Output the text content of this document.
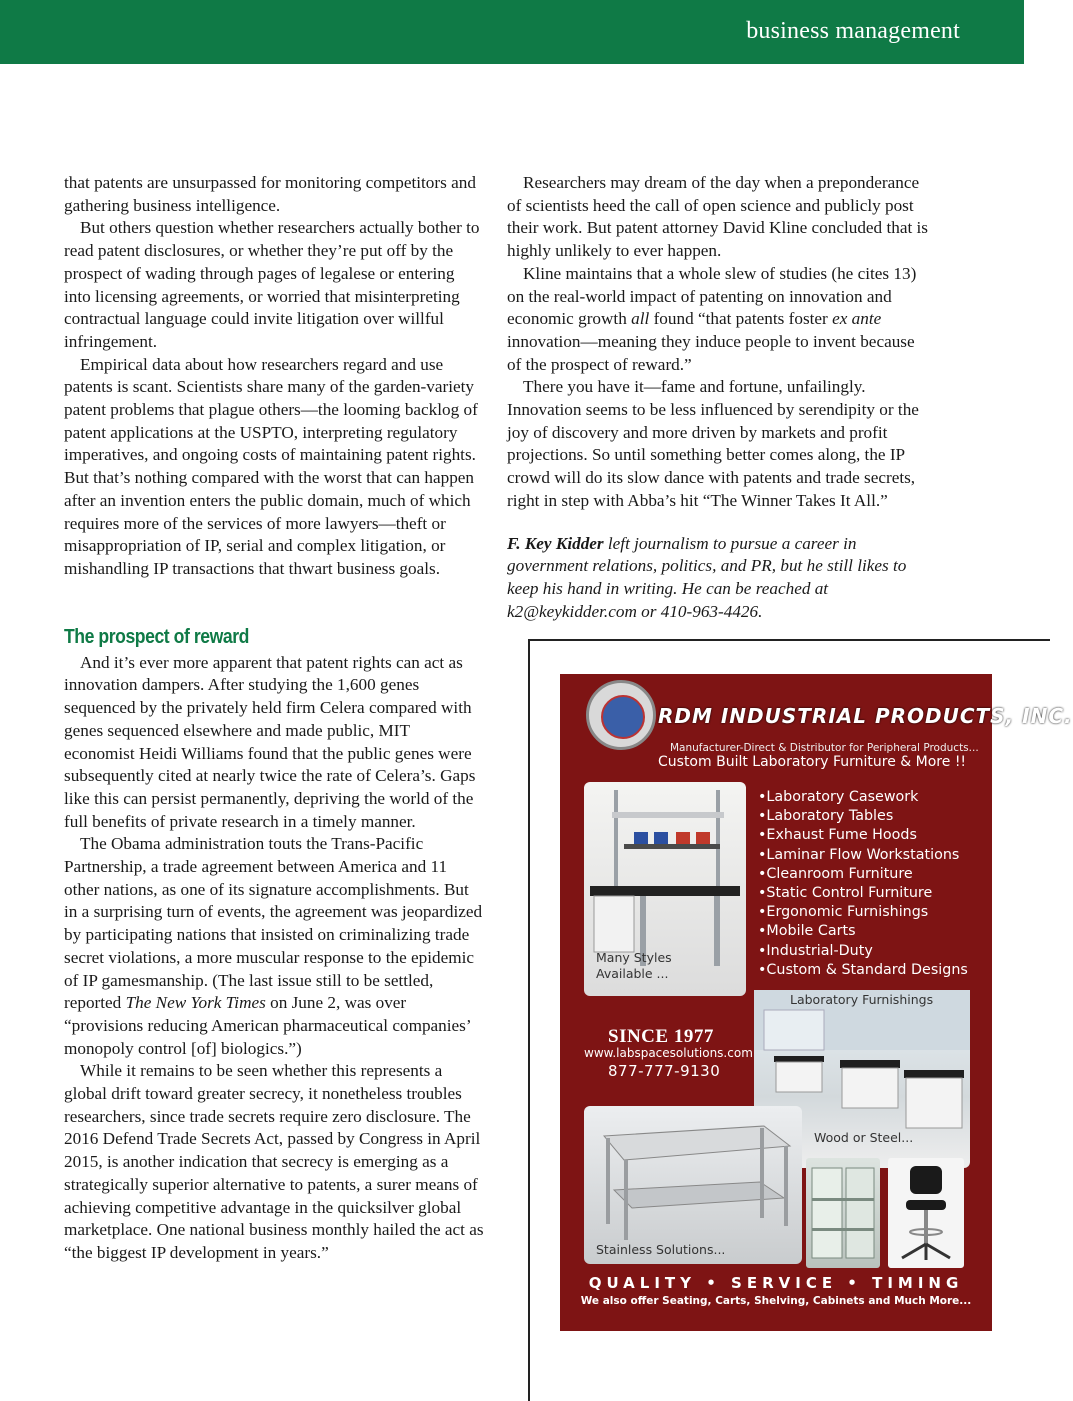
business management

that patents are unsurpassed for monitoring competitors and gathering business intelligence.

But others question whether researchers actually bother to read patent disclosures, or whether they’re put off by the prospect of wading through pages of legalese or entering into licensing agreements, or worried that misinterpreting contractual language could invite litigation over willful infringement.

Empirical data about how researchers regard and use patents is scant. Scientists share many of the garden-variety patent problems that plague others—the looming backlog of patent applications at the USPTO, interpreting regulatory imperatives, and ongoing costs of maintaining patent rights. But that’s nothing compared with the worst that can happen after an invention enters the public domain, much of which requires more of the services of more lawyers—theft or misappropriation of IP, serial and complex litigation, or mishandling IP transactions that thwart business goals.

The prospect of reward

And it’s ever more apparent that patent rights can act as innovation dampers. After studying the 1,600 genes sequenced by the privately held firm Celera compared with genes sequenced elsewhere and made public, MIT economist Heidi Williams found that the public genes were subsequently cited at nearly twice the rate of Celera’s. Gaps like this can persist permanently, depriving the world of the full benefits of private research in a timely manner.

The Obama administration touts the Trans-Pacific Partnership, a trade agreement between America and 11 other nations, as one of its signature accomplishments. But in a surprising turn of events, the agreement was jeopardized by participating nations that insisted on criminalizing trade secret violations, a more muscular response to the epidemic of IP gamesmanship. (The last issue still to be settled, reported The New York Times on June 2, was over “provisions reducing American pharmaceutical companies’ monopoly control [of] biologics.”)

While it remains to be seen whether this represents a global drift toward greater secrecy, it nonetheless troubles researchers, since trade secrets require zero disclosure. The 2016 Defend Trade Secrets Act, passed by Congress in April 2015, is another indication that secrecy is emerging as a strategically superior alternative to patents, a surer means of achieving competitive advantage in the quicksilver global marketplace. One national business monthly hailed the act as “the biggest IP development in years.”

Researchers may dream of the day when a preponderance of scientists heed the call of open science and publicly post their work. But patent attorney David Kline concluded that is highly unlikely to ever happen.

Kline maintains that a whole slew of studies (he cites 13) on the real-world impact of patenting on innovation and economic growth all found “that patents foster ex ante innovation—meaning they induce people to invent because of the prospect of reward.”

There you have it—fame and fortune, unfailingly. Innovation seems to be less influenced by serendipity or the joy of discovery and more driven by markets and profit projections. So until something better comes along, the IP crowd will do its slow dance with patents and trade secrets, right in step with Abba’s hit “The Winner Takes It All.”

F. Key Kidder left journalism to pursue a career in government relations, politics, and PR, but he still likes to keep his hand in writing. He can be reached at k2@keykidder.com or 410-963-4426.

RDM INDUSTRIAL PRODUCTS, INC.
Manufacturer-Direct & Distributor for Peripheral Products...
Custom Built Laboratory Furniture & More !!
Many Styles Available ...
•Laboratory Casework
•Laboratory Tables
•Exhaust Fume Hoods
•Laminar Flow Workstations
•Cleanroom Furniture
•Static Control Furniture
•Ergonomic Furnishings
•Mobile Carts
•Industrial-Duty
•Custom & Standard Designs
Laboratory Furnishings
Wood or Steel...
SINCE 1977
www.labspacesolutions.com
877-777-9130
Stainless Solutions...
QUALITY • SERVICE • TIMING
We also offer Seating, Carts, Shelving, Cabinets and Much More...
